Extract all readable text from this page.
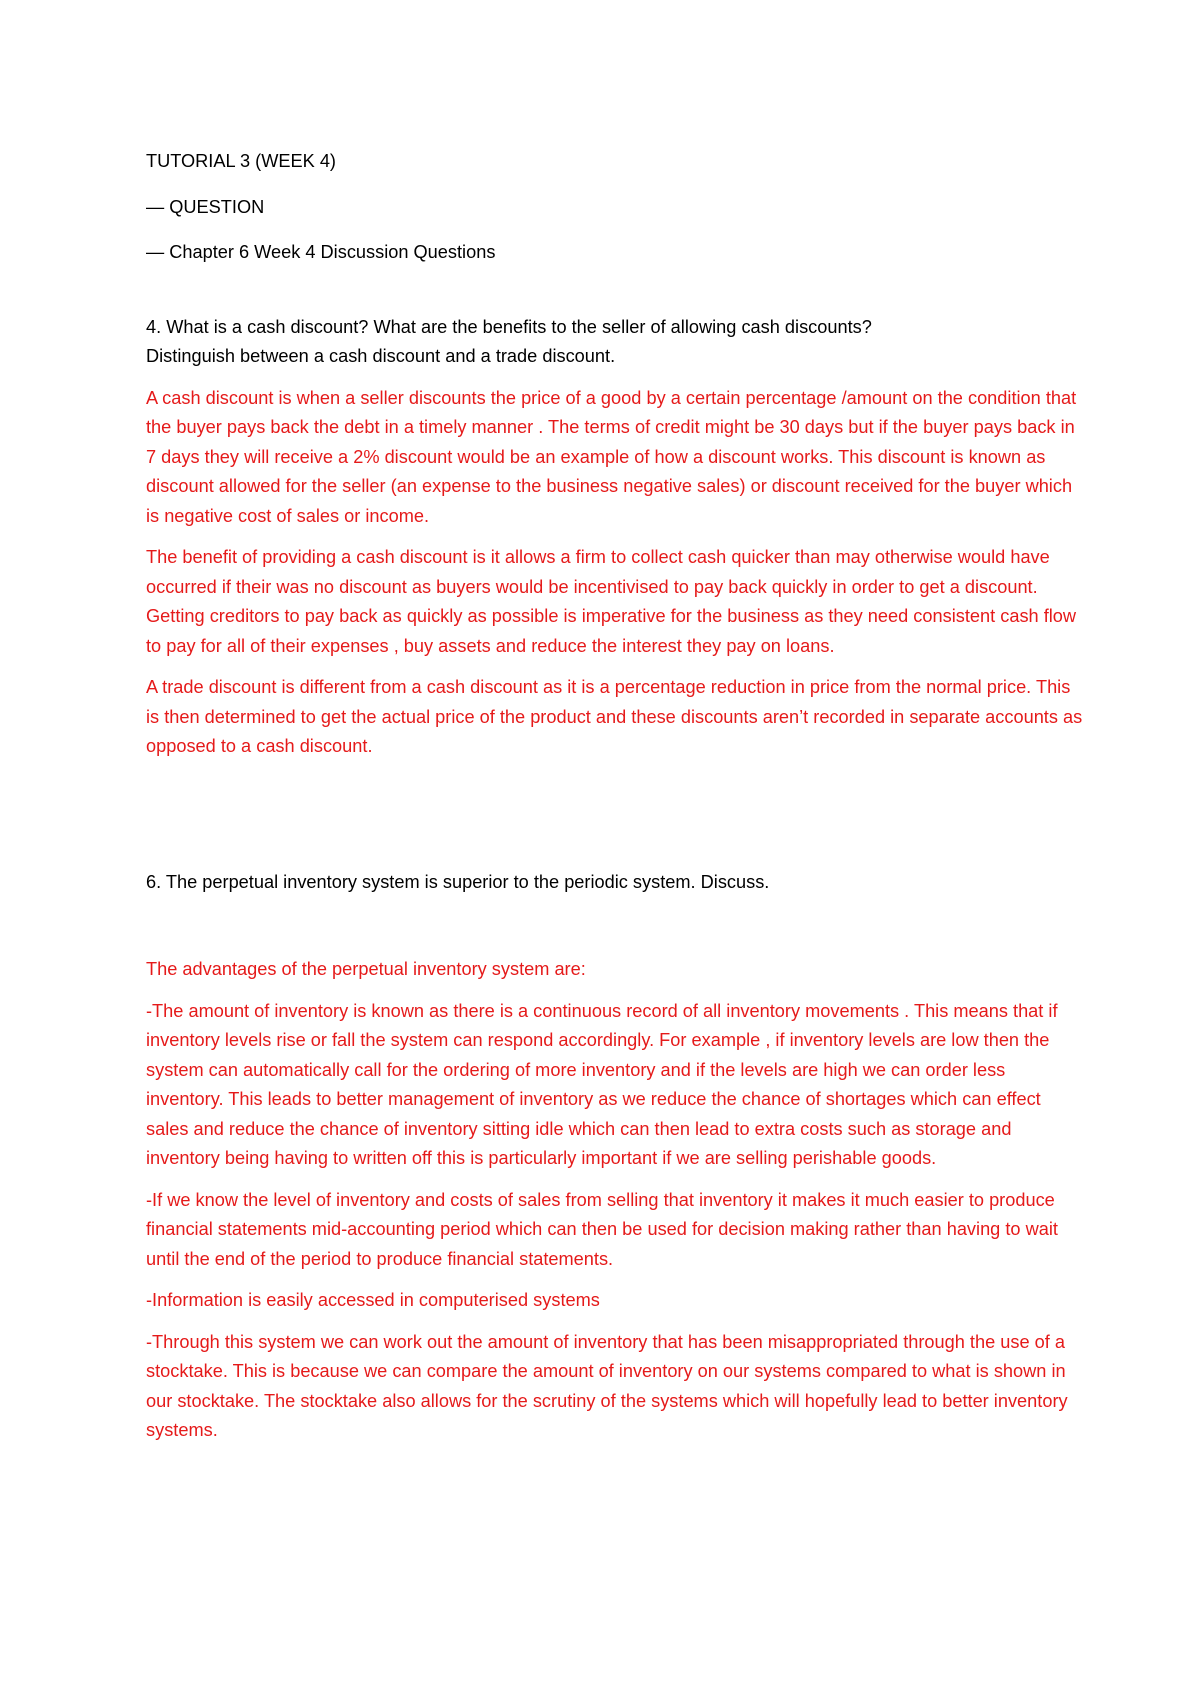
TUTORIAL 3 (WEEK 4)

— QUESTION

— Chapter 6 Week 4 Discussion Questions

4. What is a cash discount? What are the benefits to the seller of allowing cash discounts?

Distinguish between a cash discount and a trade discount.

A cash discount is when a seller discounts the price of a good by a certain percentage /amount on the condition that the buyer pays back the debt in a timely manner . The terms of credit might be 30 days but if the buyer pays back in 7 days they will receive a 2% discount would be an example of how a discount works. This discount is known as discount allowed for the seller (an expense to the business negative sales) or discount received for the buyer which is negative cost of sales or income.

The benefit of providing a cash discount is it allows a firm to collect cash quicker than may otherwise would have occurred if their was no discount as buyers would be incentivised to pay back quickly in order to get a discount. Getting creditors to pay back as quickly as possible is imperative for the business as they need consistent cash flow to pay for all of their expenses , buy assets and reduce the interest they pay on loans.

A trade discount is different from a cash discount as it is a percentage reduction in price from the normal price. This is then determined to get the actual price of the product and these discounts aren’t recorded in separate accounts as opposed to a cash discount.

6. The perpetual inventory system is superior to the periodic system. Discuss.

The advantages of the perpetual inventory system are:

-The amount of inventory is known as there is a continuous record of all inventory movements . This means that if inventory levels rise or fall the system can respond accordingly. For example , if inventory levels are low then the system can automatically call for the ordering of more inventory and if the levels are high we can order less inventory. This leads to better management of inventory as we reduce the chance of shortages which can effect sales and reduce the chance of inventory sitting idle which can then lead to extra costs such as storage and inventory being having to written off this is particularly important if we are selling perishable goods.

-If we know the level of inventory and costs of sales from selling that inventory it makes it much easier to produce financial statements mid-accounting period which can then be used for decision making rather than having to wait until the end of the period to produce financial statements.

-Information is easily accessed in computerised systems

-Through this system we can work out the amount of inventory that has been misappropriated through the use of a stocktake. This is because we can compare the amount of inventory on our systems compared to what is shown in our stocktake. The stocktake also allows for the scrutiny of the systems which will hopefully lead to better inventory systems.
